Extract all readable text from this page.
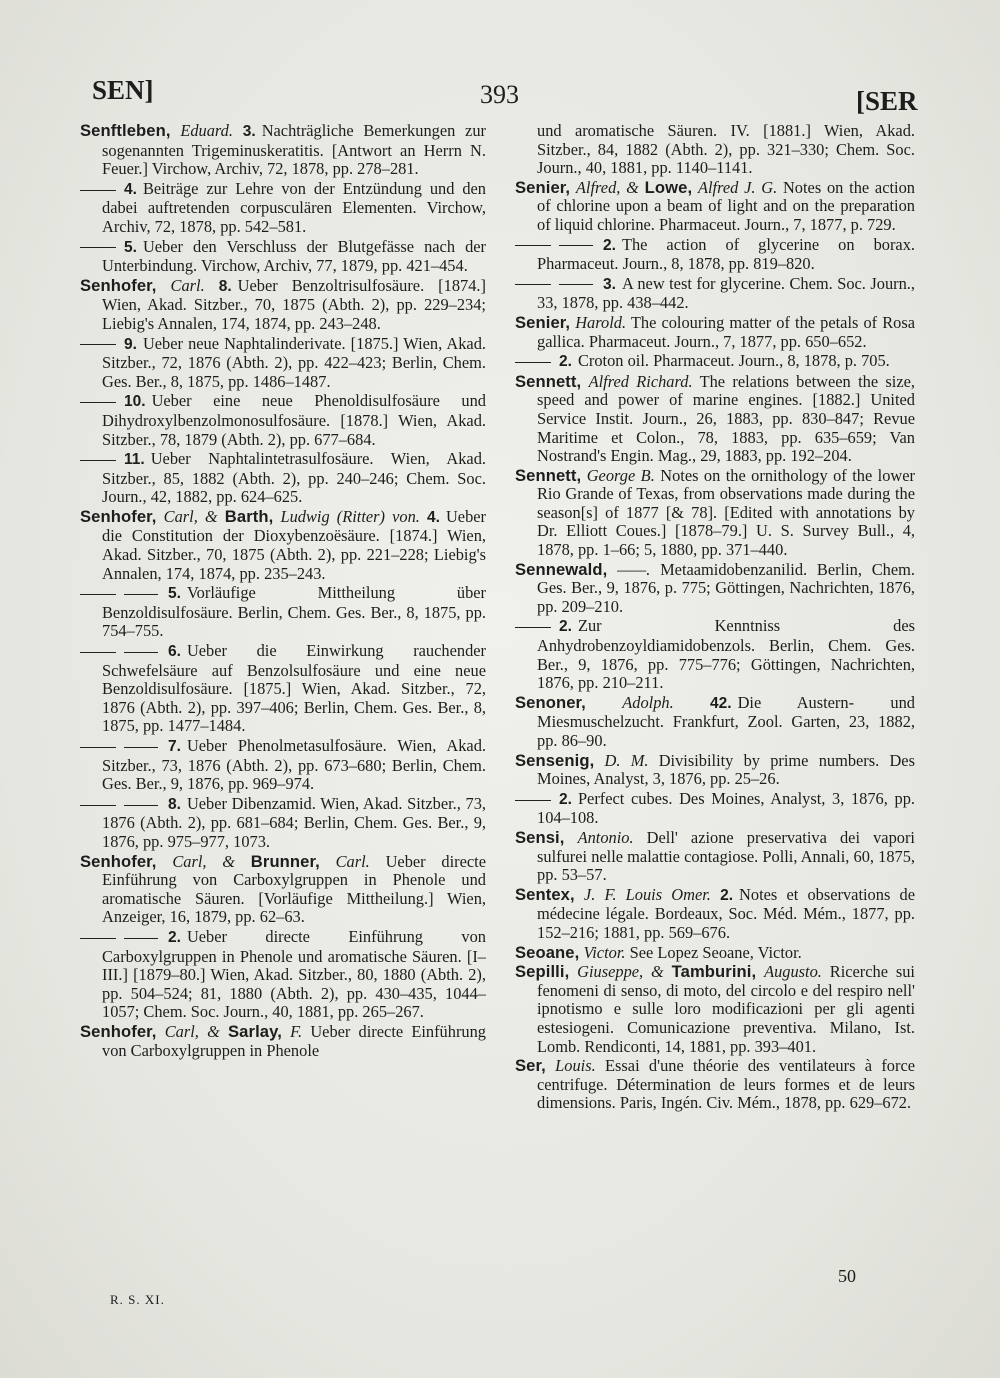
SEN]	393	[SER
Senftleben, Eduard. 3. Nachträgliche Bemerkungen zur sogenannten Trigeminuskeratitis. [Antwort an Herrn N. Feuer.] Virchow, Archiv, 72, 1878, pp. 278–281.
4. Beiträge zur Lehre von der Entzündung und den dabei auftretenden corpusculären Elementen. Virchow, Archiv, 72, 1878, pp. 542–581.
5. Ueber den Verschluss der Blutgefässe nach der Unterbindung. Virchow, Archiv, 77, 1879, pp. 421–454.
Senhofer, Carl. 8. Ueber Benzoltrisulfosäure. [1874.] Wien, Akad. Sitzber., 70, 1875 (Abth. 2), pp. 229–234; Liebig's Annalen, 174, 1874, pp. 243–248.
9. Ueber neue Naphtalinderivate. [1875.] Wien, Akad. Sitzber., 72, 1876 (Abth. 2), pp. 422–423; Berlin, Chem. Ges. Ber., 8, 1875, pp. 1486–1487.
10. Ueber eine neue Phenoldisulfosäure und Dihydroxylbenzolmonosulfosäure. [1878.] Wien, Akad. Sitzber., 78, 1879 (Abth. 2), pp. 677–684.
11. Ueber Naphtalintetrasulfosäure. Wien, Akad. Sitzber., 85, 1882 (Abth. 2), pp. 240–246; Chem. Soc. Journ., 42, 1882, pp. 624–625.
Senhofer, Carl, & Barth, Ludwig (Ritter) von. 4. Ueber die Constitution der Dioxybenzoësäure. [1874.] Wien, Akad. Sitzber., 70, 1875 (Abth. 2), pp. 221–228; Liebig's Annalen, 174, 1874, pp. 235–243.
5. Vorläufige Mittheilung über Benzoldisulfosäure. Berlin, Chem. Ges. Ber., 8, 1875, pp. 754–755.
6. Ueber die Einwirkung rauchender Schwefelsäure auf Benzolsulfosäure und eine neue Benzoldisulfosäure. [1875.] Wien, Akad. Sitzber., 72, 1876 (Abth. 2), pp. 397–406; Berlin, Chem. Ges. Ber., 8, 1875, pp. 1477–1484.
7. Ueber Phenolmetasulfosäure. Wien, Akad. Sitzber., 73, 1876 (Abth. 2), pp. 673–680; Berlin, Chem. Ges. Ber., 9, 1876, pp. 969–974.
8. Ueber Dibenzamid. Wien, Akad. Sitzber., 73, 1876 (Abth. 2), pp. 681–684; Berlin, Chem. Ges. Ber., 9, 1876, pp. 975–977, 1073.
Senhofer, Carl, & Brunner, Carl. Ueber directe Einführung von Carboxylgruppen in Phenole und aromatische Säuren. [Vorläufige Mittheilung.] Wien, Anzeiger, 16, 1879, pp. 62–63.
2. Ueber directe Einführung von Carboxylgruppen in Phenole und aromatische Säuren. [I–III.] [1879–80.] Wien, Akad. Sitzber., 80, 1880 (Abth. 2), pp. 504–524; 81, 1880 (Abth. 2), pp. 430–435, 1044–1057; Chem. Soc. Journ., 40, 1881, pp. 265–267.
Senhofer, Carl, & Sarlay, F. Ueber directe Einführung von Carboxylgruppen in Phenole
und aromatische Säuren. IV. [1881.] Wien, Akad. Sitzber., 84, 1882 (Abth. 2), pp. 321–330; Chem. Soc. Journ., 40, 1881, pp. 1140–1141.
Senier, Alfred, & Lowe, Alfred J. G. Notes on the action of chlorine upon a beam of light and on the preparation of liquid chlorine. Pharmaceut. Journ., 7, 1877, p. 729.
2. The action of glycerine on borax. Pharmaceut. Journ., 8, 1878, pp. 819–820.
3. A new test for glycerine. Chem. Soc. Journ., 33, 1878, pp. 438–442.
Senier, Harold. The colouring matter of the petals of Rosa gallica. Pharmaceut. Journ., 7, 1877, pp. 650–652.
2. Croton oil. Pharmaceut. Journ., 8, 1878, p. 705.
Sennett, Alfred Richard. The relations between the size, speed and power of marine engines. [1882.] United Service Instit. Journ., 26, 1883, pp. 830–847; Revue Maritime et Colon., 78, 1883, pp. 635–659; Van Nostrand's Engin. Mag., 29, 1883, pp. 192–204.
Sennett, George B. Notes on the ornithology of the lower Rio Grande of Texas, from observations made during the season[s] of 1877 [& 78]. [Edited with annotations by Dr. Elliott Coues.] [1878–79.] U. S. Survey Bull., 4, 1878, pp. 1–66; 5, 1880, pp. 371–440.
Sennewald, ——. Metaamidobenzanilid. Berlin, Chem. Ges. Ber., 9, 1876, p. 775; Göttingen, Nachrichten, 1876, pp. 209–210.
2. Zur Kenntniss des Anhydrobenzoyldiamidobenzols. Berlin, Chem. Ges. Ber., 9, 1876, pp. 775–776; Göttingen, Nachrichten, 1876, pp. 210–211.
Senoner, Adolph. 42. Die Austern- und Miesmuschelzucht. Frankfurt, Zool. Garten, 23, 1882, pp. 86–90.
Sensenig, D. M. Divisibility by prime numbers. Des Moines, Analyst, 3, 1876, pp. 25–26.
2. Perfect cubes. Des Moines, Analyst, 3, 1876, pp. 104–108.
Sensi, Antonio. Dell' azione preservativa dei vapori sulfurei nelle malattie contagiose. Polli, Annali, 60, 1875, pp. 53–57.
Sentex, J. F. Louis Omer. 2. Notes et observations de médecine légale. Bordeaux, Soc. Méd. Mém., 1877, pp. 152–216; 1881, pp. 569–676.
Seoane, Victor. See Lopez Seoane, Victor.
Sepilli, Giuseppe, & Tamburini, Augusto. Ricerche sui fenomeni di senso, di moto, del circolo e del respiro nell' ipnotismo e sulle loro modificazioni per gli agenti estesiogeni. Comunicazione preventiva. Milano, Ist. Lomb. Rendiconti, 14, 1881, pp. 393–401.
Ser, Louis. Essai d'une théorie des ventilateurs à force centrifuge. Détermination de leurs formes et de leurs dimensions. Paris, Ingén. Civ. Mém., 1878, pp. 629–672.
R. S. XI.
50
